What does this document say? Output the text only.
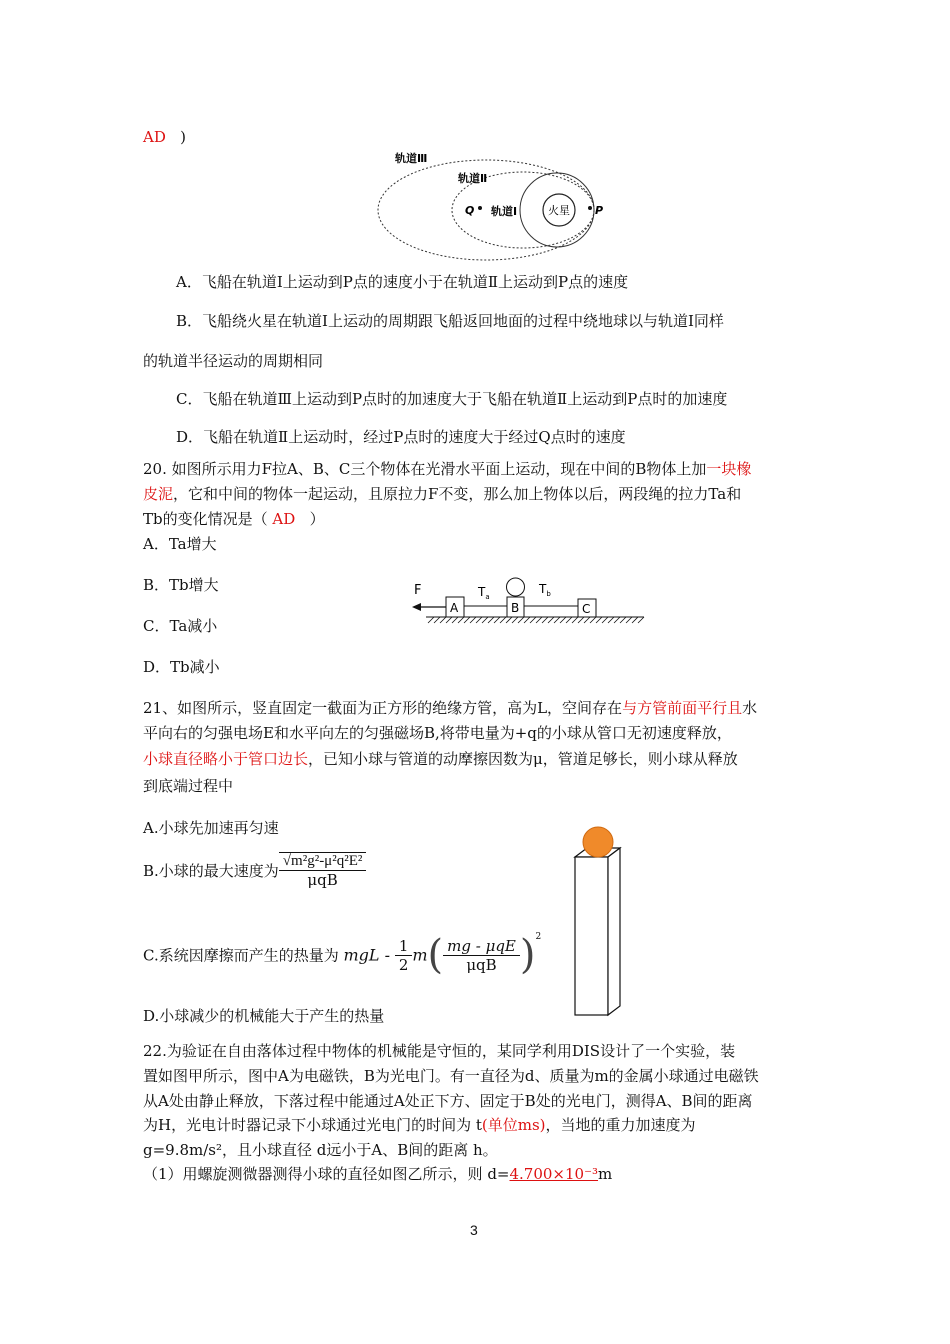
AD )
火星
轨道Ⅲ
轨道Ⅱ
轨道Ⅰ
Q	P
A．飞船在轨道Ⅰ上运动到P点的速度小于在轨道Ⅱ上运动到P点的速度
B．飞船绕火星在轨道Ⅰ上运动的周期跟飞船返回地面的过程中绕地球以与轨道Ⅰ同样
的轨道半径运动的周期相同
C．飞船在轨道Ⅲ上运动到P点时的加速度大于飞船在轨道Ⅱ上运动到P点时的加速度
D．飞船在轨道Ⅱ上运动时，经过P点时的速度大于经过Q点时的速度
20. 如图所示用力F拉A、B、C三个物体在光滑水平面上运动，现在中间的B物体上加一块橡
皮泥，它和中间的物体一起运动，且原拉力F不变，那么加上物体以后，两段绳的拉力Ta和
Tb的变化情况是（ AD ）
A．Ta增大
B．Tb增大
C．Ta减小
D．Tb减小
F
A
$T_a$
B
$T_b$
C
21、如图所示，竖直固定一截面为正方形的绝缘方管，高为L，空间存在与方管前面平行且水
平向右的匀强电场E和水平向左的匀强磁场B,将带电量为+q的小球从管口无初速度释放，
小球直径略小于管口边长，已知小球与管道的动摩擦因数为μ，管道足够长，则小球从释放
到底端过程中
A.小球先加速再匀速
B.小球的最大速度为 $\frac{\text{√m²g²-μ²q²E²}}{\text{μqB}}$
C.系统因摩擦而产生的热量为 mgL - $\frac{1}{2} m( \frac{\text{mg - μqE}}{\text{μqB}} )^2$
D.小球减少的机械能大于产生的热量
22.为验证在自由落体过程中物体的机械能是守恒的，某同学利用DIS设计了一个实验，装
置如图甲所示，图中A为电磁铁，B为光电门。有一直径为d、质量为m的金属小球通过电磁铁
从A处由静止释放，下落过程中能通过A处正下方、固定于B处的光电门，测得A、B间的距离
为H，光电计时器记录下小球通过光电门的时间为 t(单位ms)，当地的重力加速度为
g=9.8m/s²，且小球直径 d远小于A、B间的距离 h。
（1）用螺旋测微器测得小球的直径如图乙所示，则 d=4.700×10⁻³m
3
